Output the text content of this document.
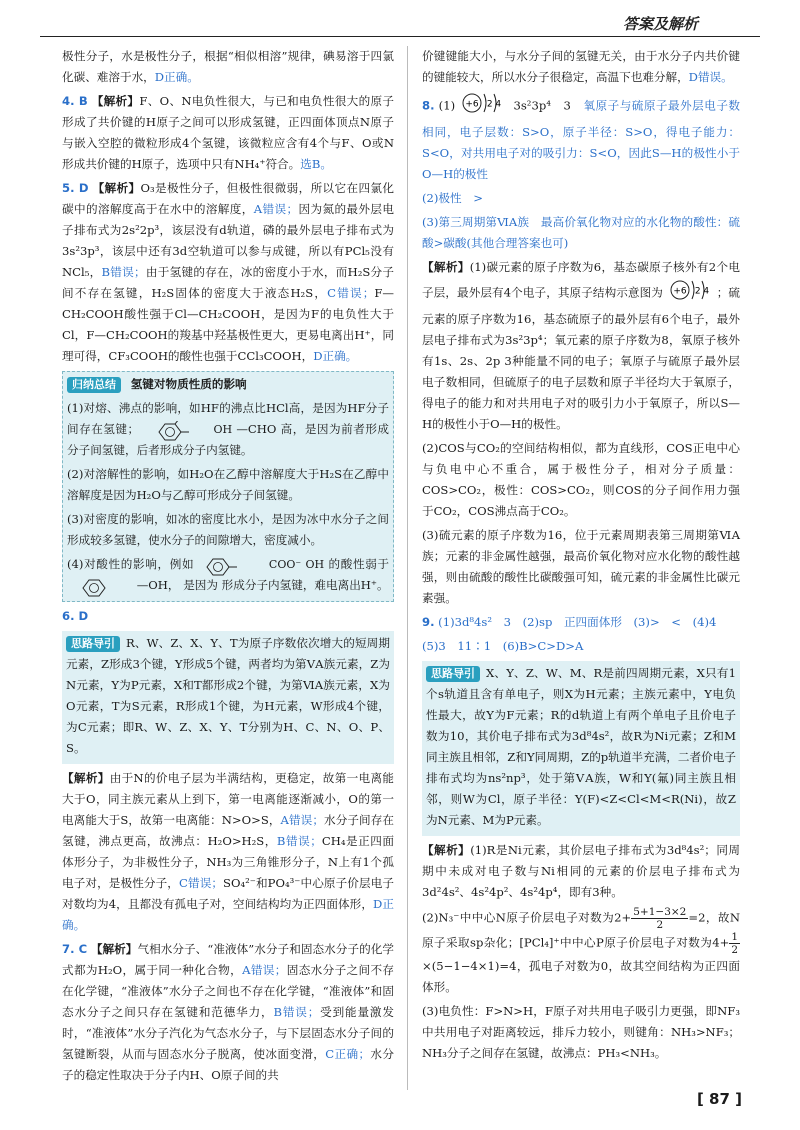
答案及解析

极性分子，水是极性分子，根据“相似相溶”规律，碘易溶于四氯化碳、难溶于水，D正确。

4. B 【解析】F、O、N电负性很大，与已和电负性很大的原子形成了共价键的H原子之间可以形成氢键，正四面体顶点N原子与嵌入空腔的微粒形成4个氢键，该微粒应含有4个与F、O或N形成共价键的H原子，选项中只有NH₄⁺符合。选B。

5. D 【解析】O₃是极性分子，但极性很微弱，所以它在四氯化碳中的溶解度高于在水中的溶解度，A错误；因为氮的最外层电子排布式为2s²2p³，该层没有d轨道，磷的最外层电子排布式为3s²3p³，该层中还有3d空轨道可以参与成键，所以有PCl₅没有NCl₅，B错误；由于氢键的存在，冰的密度小于水，而H₂S分子间不存在氢键，H₂S固体的密度大于液态H₂S，C错误；F—CH₂COOH酸性强于Cl—CH₂COOH，是因为F的电负性大于Cl，F—CH₂COOH的羧基中羟基极性更大，更易电离出H⁺，同理可得，CF₃COOH的酸性也强于CCl₃COOH，D正确。

归纳总结 氢键对物质性质的影响

(1)对熔、沸点的影响，如HF的沸点比HCl高，是因为HF分子间存在氢键；	OH —CHO 高，是因为前者形成分子间氢键，后者形成分子内氢键。

(2)对溶解性的影响，如H₂O在乙醇中溶解度大于H₂S在乙醇中溶解度是因为H₂O与乙醇可形成分子间氢键。

(3)对密度的影响，如冰的密度比水小，是因为冰中水分子之间形成较多氢键，使水分子的间隙增大，密度减小。

(4)对酸性的影响，例如	COO⁻ OH 的酸性弱于  —OH， 是因为 形成分子内氢键，难电离出H⁺。

6. D

思路导引 R、W、Z、X、Y、T为原子序数依次增大的短周期元素，Z形成3个键，Y形成5个键，两者均为第ⅤA族元素，Z为N元素，Y为P元素，X和T都形成2个键，为第ⅥA族元素，X为O元素，T为S元素，R形成1个键，为H元素，W形成4个键，为C元素；即R、W、Z、X、Y、T分别为H、C、N、O、P、S。

【解析】由于N的价电子层为半满结构，更稳定，故第一电离能大于O，同主族元素从上到下，第一电离能逐渐减小，O的第一电离能大于S，故第一电离能：N>O>S，A错误；水分子间存在氢键，沸点更高，故沸点：H₂O>H₂S，B错误；CH₄是正四面体形分子，为非极性分子，NH₃为三角锥形分子，N上有1个孤电子对，是极性分子，C错误；SO₄²⁻和PO₄³⁻中心原子价层电子对数均为4，且都没有孤电子对，空间结构均为正四面体形，D正确。

7. C 【解析】气相水分子、“准液体”水分子和固态水分子的化学式都为H₂O，属于同一种化合物，A错误；固态水分子之间不存在化学键，“准液体”水分子之间也不存在化学键，“准液体”和固态水分子之间只存在氢键和范德华力，B错误；受到能量激发时，“准液体”水分子汽化为气态水分子，与下层固态水分子间的氢键断裂，从而与固态水分子脱离，使冰面变滑，C正确；水分子的稳定性取决于分子内H、O原子间的共

价键键能大小，与水分子间的氢键无关，由于水分子内共价键的键能较大，所以水分子很稳定，高温下也难分解，D错误。

8. (1) +6 2 4 3s²3p⁴　 3　 氧原子与硫原子最外层电子数相同，电子层数：S>O，原子半径：S>O，得电子能力：S<O，对共用电子对的吸引力：S<O，因此S—H的极性小于O—H的极性

(2)极性　>

(3)第三周期第ⅥA族　最高价氧化物对应的水化物的酸性：硫酸>碳酸(其他合理答案也可)

【解析】(1)碳元素的原子序数为6，基态碳原子核外有2个电子层，最外层有4个电子，其原子结构示意图为 +6 2 4 ；硫元素的原子序数为16，基态硫原子的最外层有6个电子，最外层电子排布式为3s²3p⁴；氧元素的原子序数为8，氧原子核外有1s、2s、2p 3种能量不同的电子；氧原子与硫原子最外层电子数相同，但硫原子的电子层数和原子半径均大于氧原子，得电子的能力和对共用电子对的吸引力小于氧原子，所以S—H的极性小于O—H的极性。

(2)COS与CO₂的空间结构相似，都为直线形，COS正电中心与负电中心不重合，属于极性分子，相对分子质量：COS>CO₂，极性：COS>CO₂，则COS的分子间作用力强于CO₂，COS沸点高于CO₂。

(3)硫元素的原子序数为16，位于元素周期表第三周期第ⅥA族；元素的非金属性越强，最高价氧化物对应水化物的酸性越强，则由硫酸的酸性比碳酸强可知，硫元素的非金属性比碳元素强。

9. (1)3d⁸4s²　3　(2)sp　正四面体形　(3)>　<　(4)4

(5)3　11∶1　(6)B>C>D>A

思路导引 X、Y、Z、W、M、R是前四周期元素，X只有1个s轨道且含有单电子，则X为H元素；主族元素中，Y电负性最大，故Y为F元素；R的d轨道上有两个单电子且价电子数为10，其价电子排布式为3d⁸4s²，故R为Ni元素；Z和M同主族且相邻，Z和Y同周期，Z的p轨道半充满，二者价电子排布式均为ns²np³，处于第ⅤA族，W和Y(氟)同主族且相邻，则W为Cl，原子半径：Y(F)<Z<Cl<M<R(Ni)，故Z为N元素、M为P元素。

【解析】(1)R是Ni元素，其价层电子排布式为3d⁸4s²；同周期中未成对电子数与Ni相同的元素的价层电子排布式为3d²4s²、4s²4p²、4s²4p⁴，即有3种。

(2)N₃⁻中中心N原子价层电子对数为$2+ \frac{5+1-3\times 2}{2} =2$，故N原子采取sp杂化；[PCl₄]⁺中中心P原子价层电子对数为$4+ \frac{1}{2}$
×(5−1−4×1)=4，孤电子对数为0，故其空间结构为正四面体形。

(3)电负性：F>N>H，F原子对共用电子吸引力更强，即NF₃中共用电子对距离较远，排斥力较小，则键角：NH₃>NF₃；NH₃分子之间存在氢键，故沸点：PH₃<NH₃。

[ 87 ]
